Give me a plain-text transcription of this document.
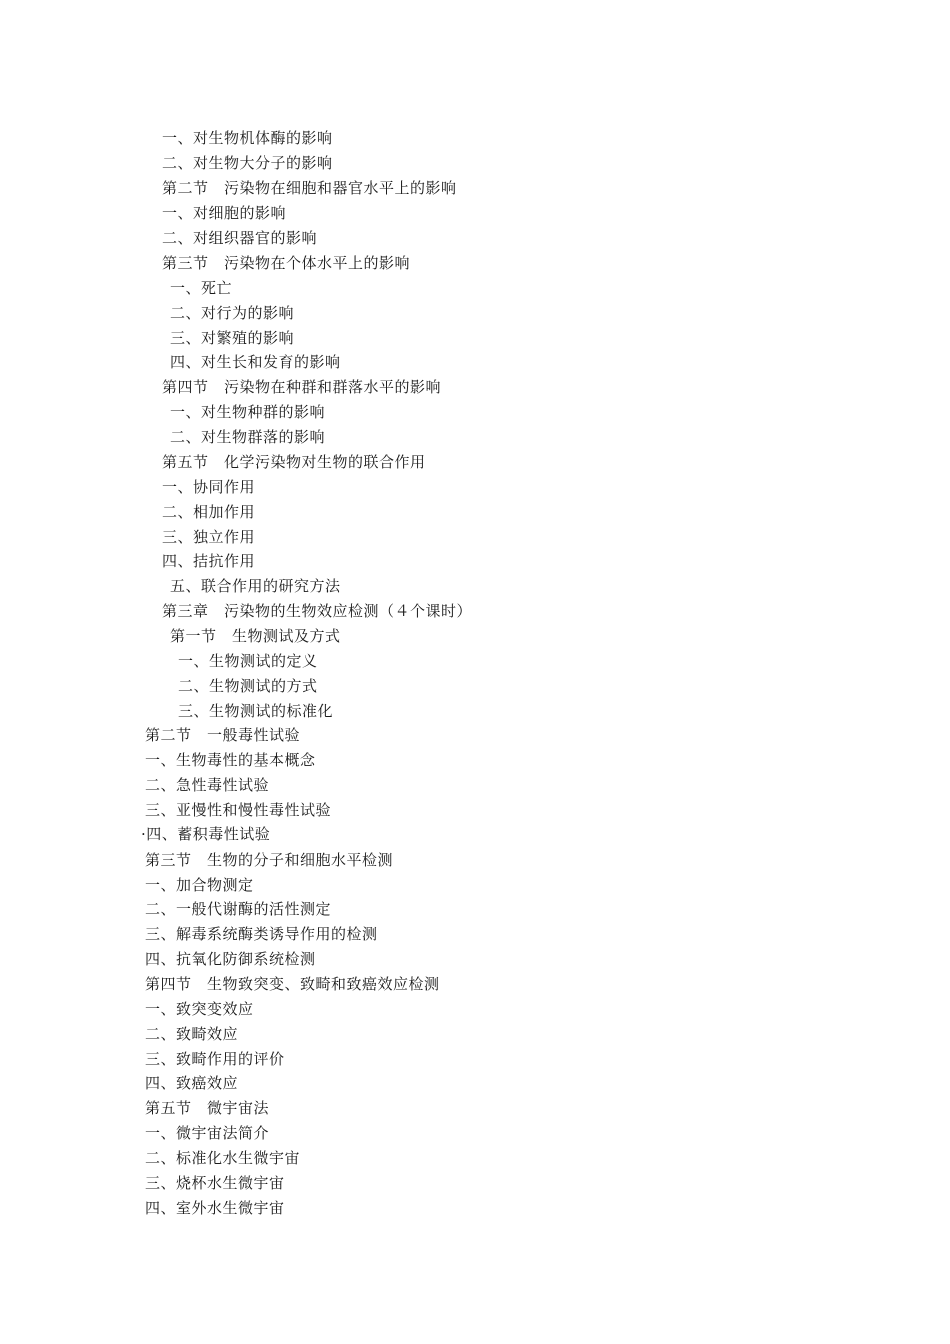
一、对生物机体酶的影响
二、对生物大分子的影响
第二节　污染物在细胞和器官水平上的影响
一、对细胞的影响
二、对组织器官的影响
第三节　污染物在个体水平上的影响
一、死亡
二、对行为的影响
三、对繁殖的影响
四、对生长和发育的影响
第四节　污染物在种群和群落水平的影响
一、对生物种群的影响
二、对生物群落的影响
第五节　化学污染物对生物的联合作用
一、协同作用
二、相加作用
三、独立作用
四、拮抗作用
五、联合作用的研究方法
第三章　污染物的生物效应检测（４个课时）
第一节　生物测试及方式
一、生物测试的定义
二、生物测试的方式
三、生物测试的标准化
第二节　一般毒性试验
一、生物毒性的基本概念
二、急性毒性试验
三、亚慢性和慢性毒性试验
·四、蓄积毒性试验
第三节　生物的分子和细胞水平检测
一、加合物测定
二、一般代谢酶的活性测定
三、解毒系统酶类诱导作用的检测
四、抗氧化防御系统检测
第四节　生物致突变、致畸和致癌效应检测
一、致突变效应
二、致畸效应
三、致畸作用的评价
四、致癌效应
第五节　微宇宙法
一、微宇宙法简介
二、标准化水生微宇宙
三、烧杯水生微宇宙
四、室外水生微宇宙
